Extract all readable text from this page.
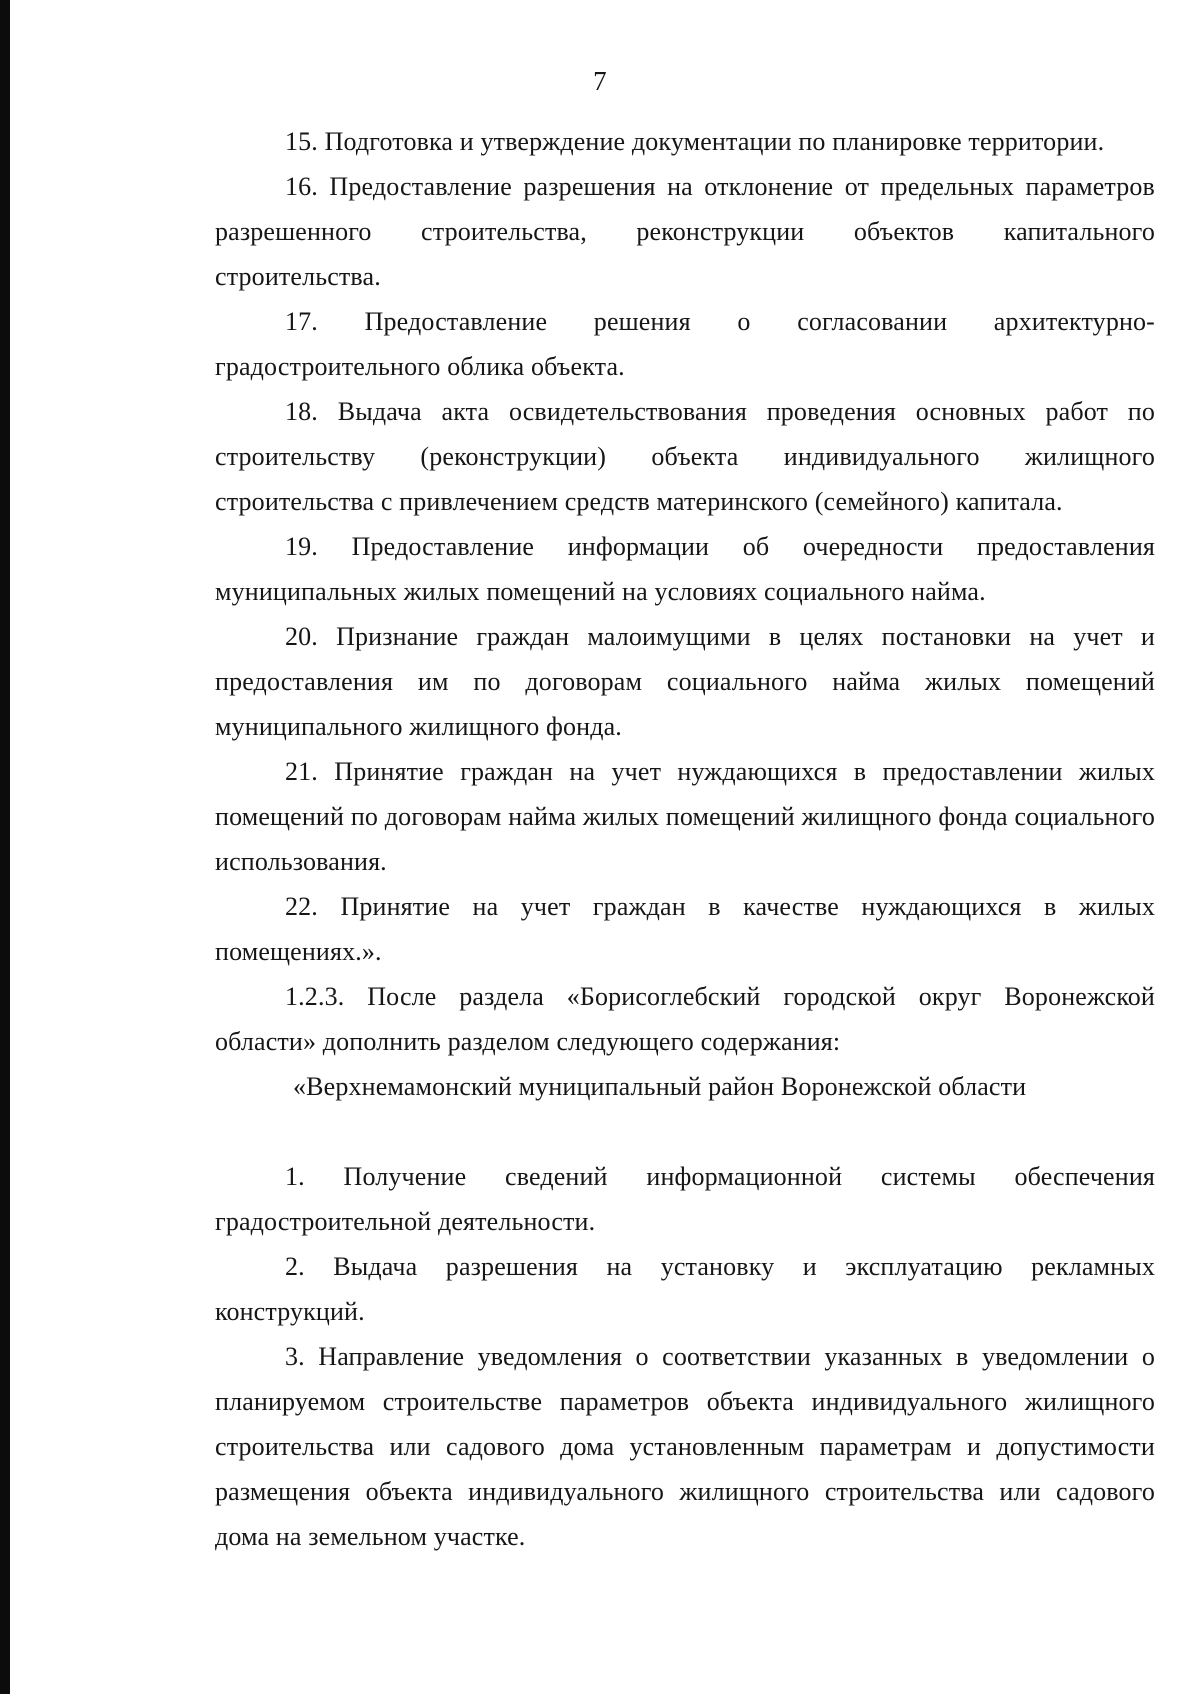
7

15. Подготовка и утверждение документации по планировке территории.

16. Предоставление разрешения на отклонение от предельных параметров разрешенного строительства, реконструкции объектов капитального строительства.

17. Предоставление решения о согласовании архитектурно-градостроительного облика объекта.

18. Выдача акта освидетельствования проведения основных работ по строительству (реконструкции) объекта индивидуального жилищного строительства с привлечением средств материнского (семейного) капитала.

19. Предоставление информации об очередности предоставления муниципальных жилых помещений на условиях социального найма.

20. Признание граждан малоимущими в целях постановки на учет и предоставления им по договорам социального найма жилых помещений муниципального жилищного фонда.

21. Принятие граждан на учет нуждающихся в предоставлении жилых помещений по договорам найма жилых помещений жилищного фонда социального использования.

22. Принятие на учет граждан в качестве нуждающихся в жилых помещениях.».

1.2.3. После раздела «Борисоглебский городской округ Воронежской области» дополнить разделом следующего содержания:

«Верхнемамонский муниципальный район Воронежской области

1. Получение сведений информационной системы обеспечения градостроительной деятельности.

2. Выдача разрешения на установку и эксплуатацию рекламных конструкций.

3. Направление уведомления о соответствии указанных в уведомлении о планируемом строительстве параметров объекта индивидуального жилищного строительства или садового дома установленным параметрам и допустимости размещения объекта индивидуального жилищного строительства или садового дома на земельном участке.
